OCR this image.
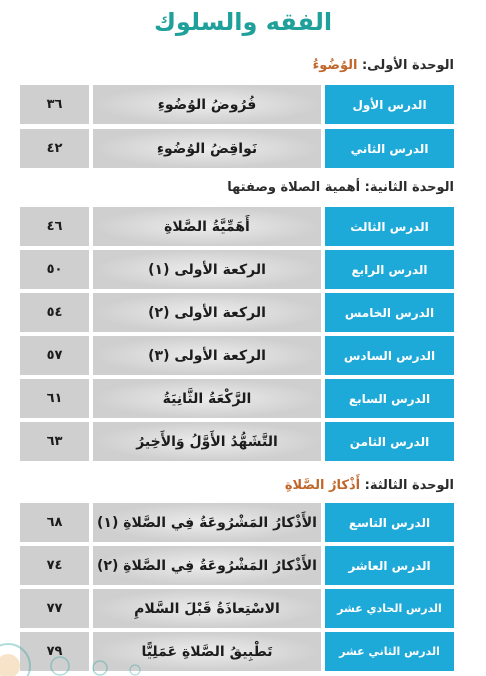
الفقه والسلوك
الوحدة الأولى: الوُضُوءُ
٣٦	فُرُوضُ الوُضُوءِ	الدرس الأول
٤٢	نَواقِضُ الوُضُوءِ	الدرس الثاني
الوحدة الثانية: أهمية الصلاة وصفتها
٤٦	أَهَمِّيَّةُ الصَّلاةِ	الدرس الثالث
٥٠	الركعة الأولى (١)	الدرس الرابع
٥٤	الركعة الأولى (٢)	الدرس الخامس
٥٧	الركعة الأولى (٣)	الدرس السادس
٦١	الرَّكْعَةُ الثَّانِيَةُ	الدرس السابع
٦٣	التَّشَهُّدُ الأَوَّلُ وَالأَخِيرُ	الدرس الثامن
الوحدة الثالثة: أَذْكارُ الصَّلاةِ
٦٨	الأَذْكارُ المَشْرُوعَةُ فِي الصَّلاةِ (١)	الدرس التاسع
٧٤	الأَذْكارُ المَشْرُوعَةُ فِي الصَّلاةِ (٢)	الدرس العاشر
٧٧	الاسْتِعاذَةُ قَبْلَ السَّلامِ	الدرس الحادي عشر
٧٩	تَطْبِيقُ الصَّلاةِ عَمَلِيًّا	الدرس الثاني عشر
